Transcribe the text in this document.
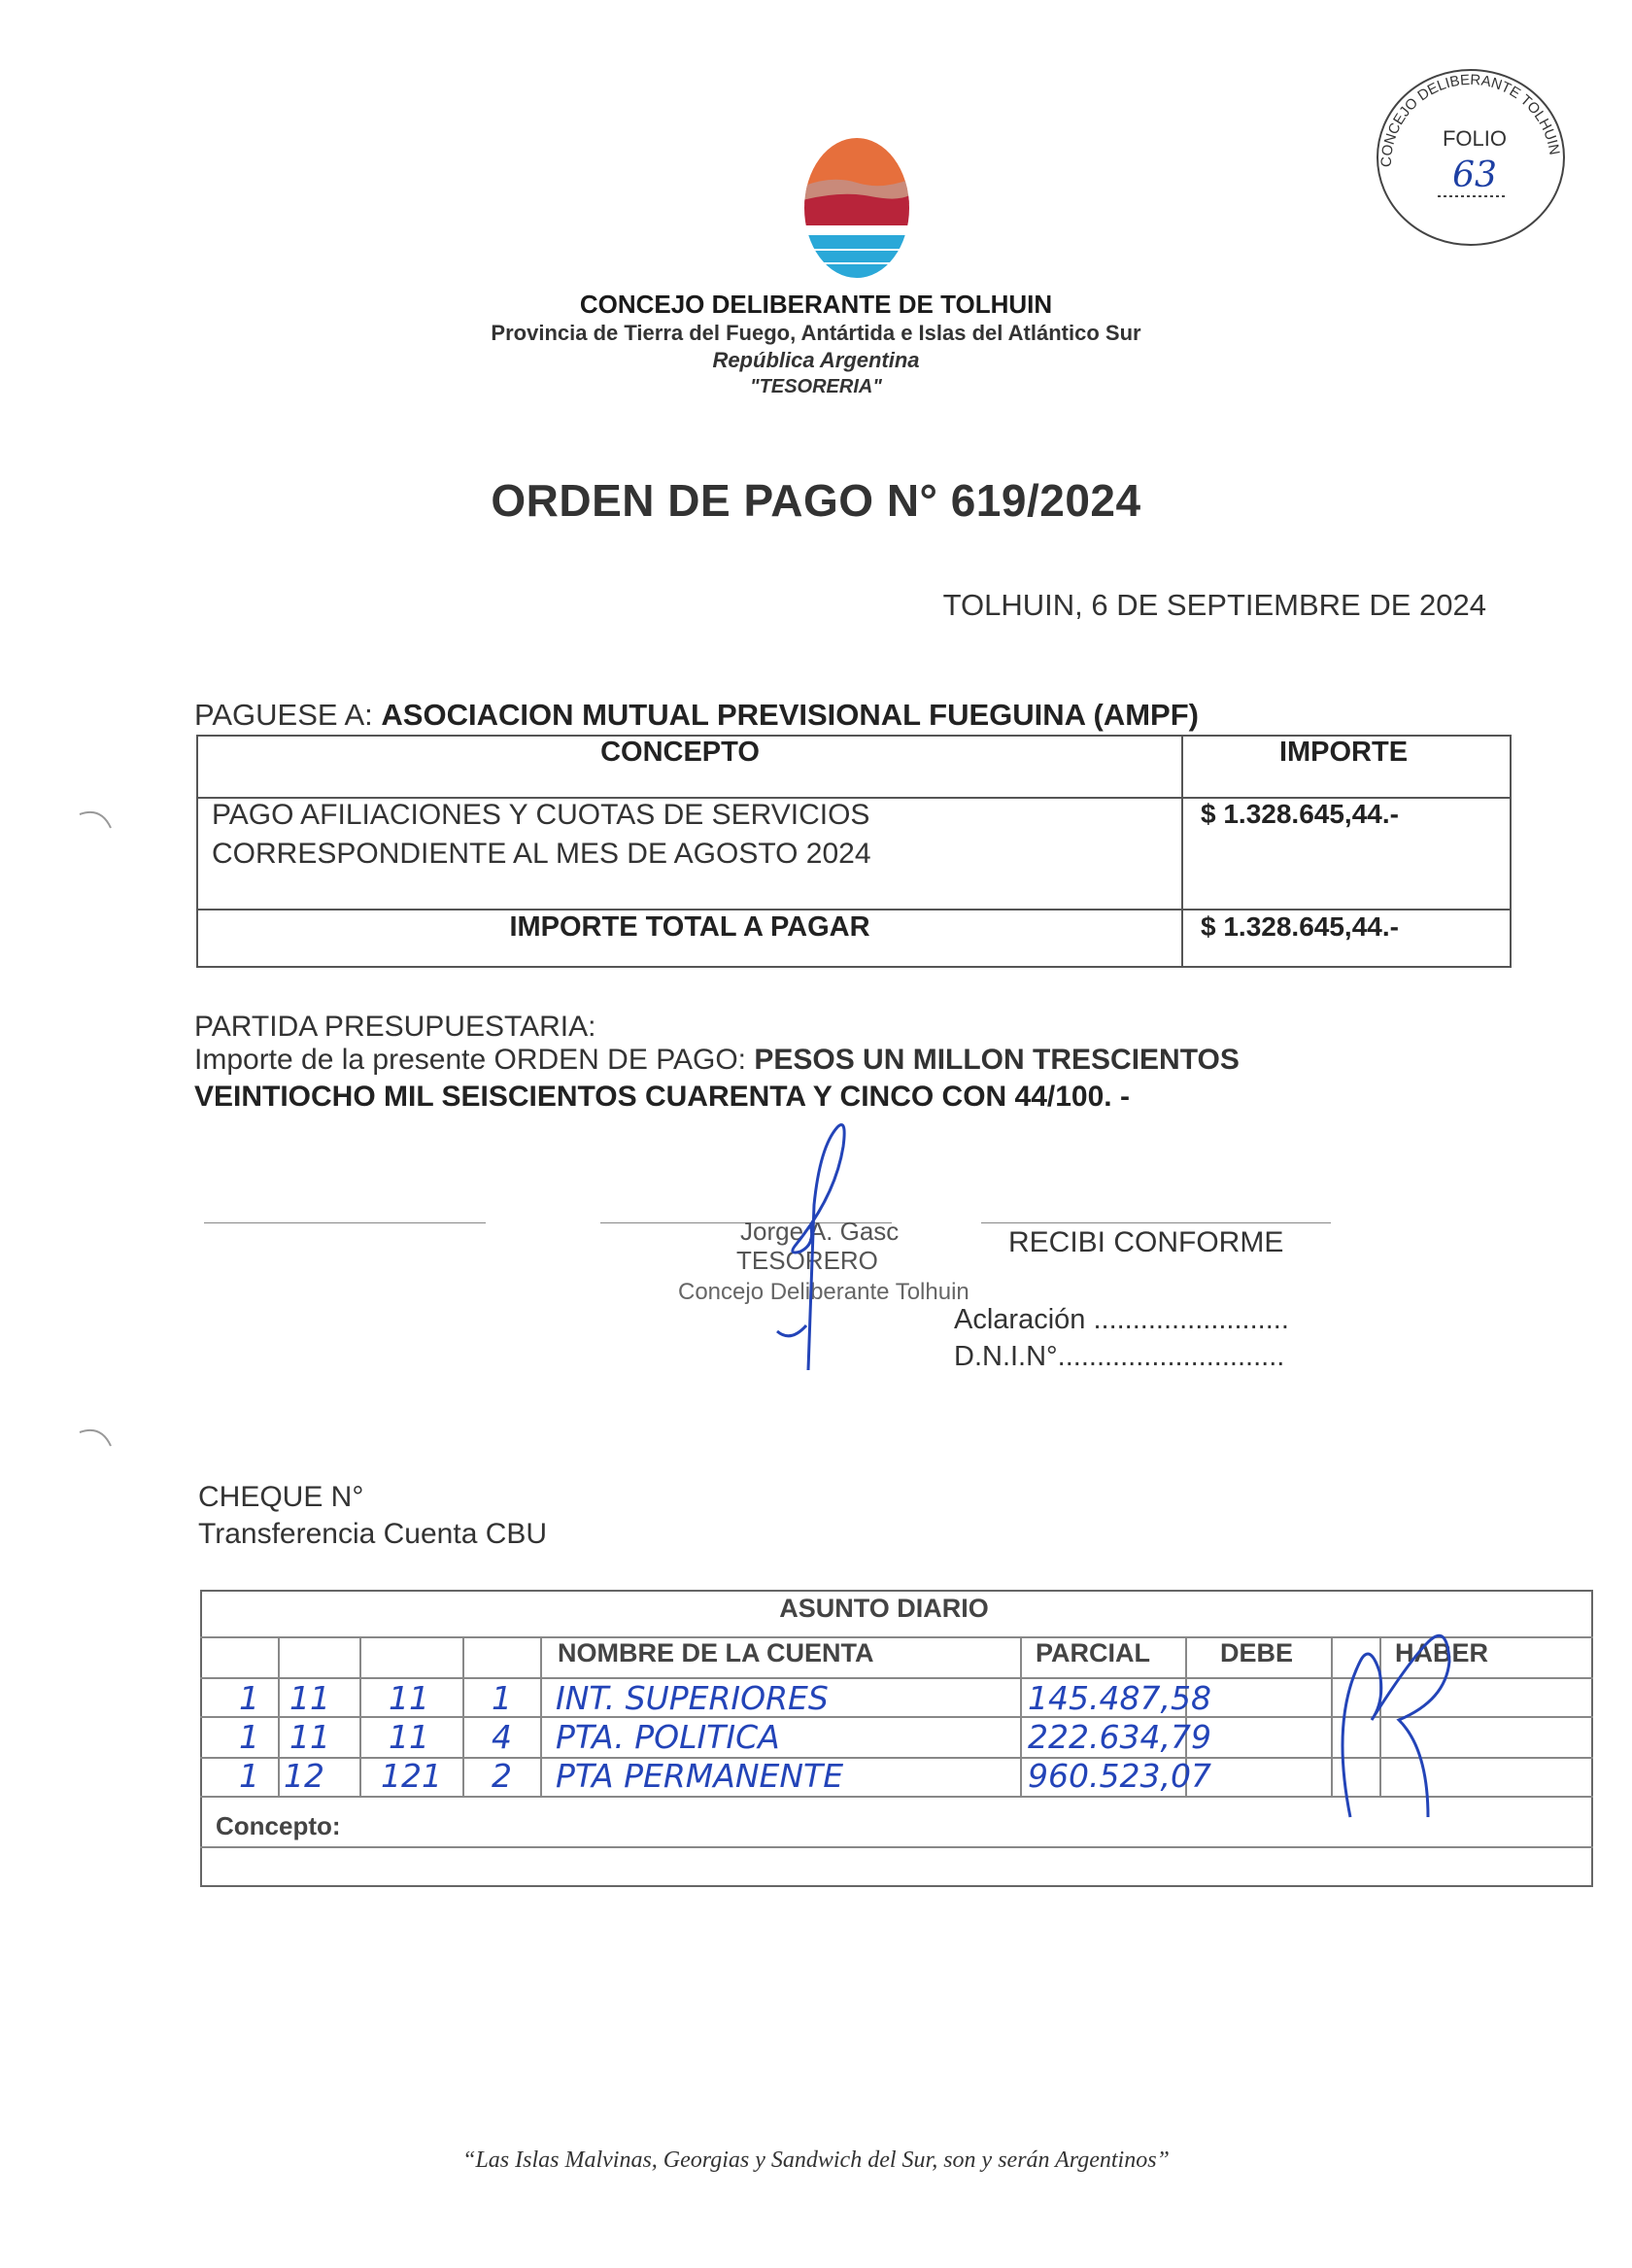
CONCEJO DELIBERANTE TOLHUIN
FOLIO
63
CONCEJO DELIBERANTE DE TOLHUIN
Provincia de Tierra del Fuego, Antártida e Islas del Atlántico Sur
República Argentina
"TESORERIA"
ORDEN DE PAGO N° 619/2024
TOLHUIN, 6 DE SEPTIEMBRE DE 2024
PAGUESE A: ASOCIACION MUTUAL PREVISIONAL FUEGUINA (AMPF)
CONCEPTO	IMPORTE
PAGO AFILIACIONES Y CUOTAS DE SERVICIOS
CORRESPONDIENTE AL MES DE AGOSTO 2024
$ 1.328.645,44.-
IMPORTE TOTAL A PAGAR	$ 1.328.645,44.-
PARTIDA PRESUPUESTARIA:
Importe de la presente ORDEN DE PAGO: PESOS UN MILLON TRESCIENTOS
VEINTIOCHO MIL SEISCIENTOS CUARENTA Y CINCO CON 44/100. -
Jorge A. Gasc
TESORERO
Concejo Deliberante Tolhuin
RECIBI CONFORME
Aclaración .........................
D.N.I.N°.............................
CHEQUE N°
Transferencia Cuenta CBU
ASUNTO DIARIO
NOMBRE DE LA CUENTA	PARCIAL	DEBE	HABER
1 11 11 1 INT. SUPERIORES	145.487,58
1 11 11 4 PTA. POLITICA	222.634,79
1 12 121 2 PTA PERMANENTE	960.523,07
Concepto:
“Las Islas Malvinas, Georgias y Sandwich del Sur, son y serán Argentinos”
